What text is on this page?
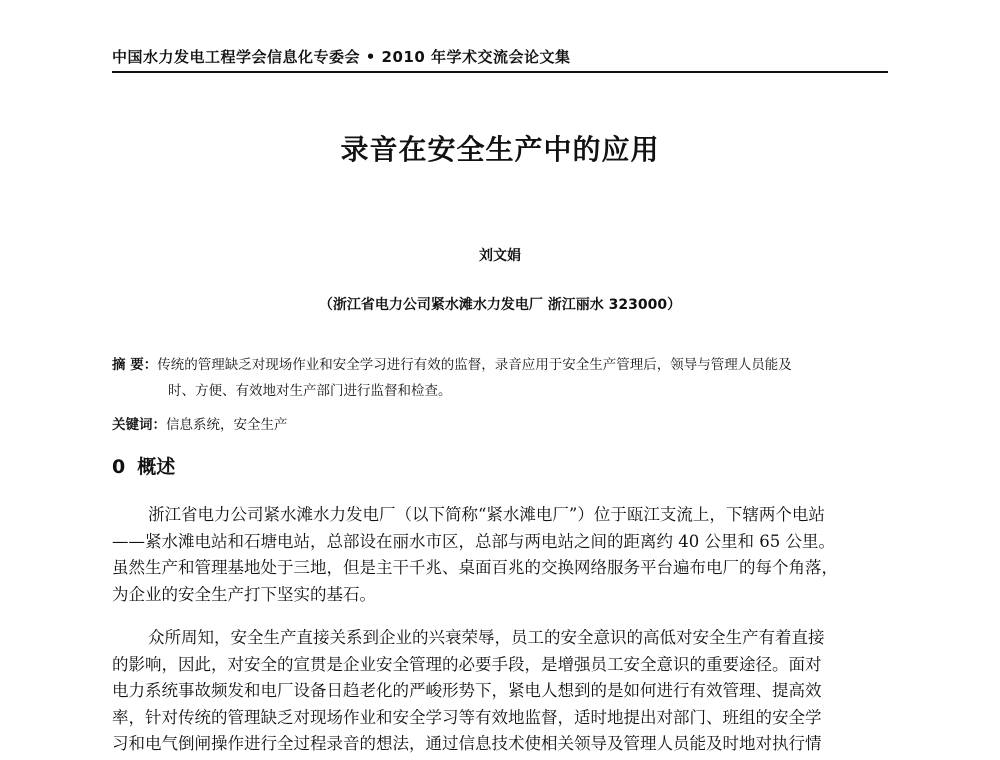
中国水力发电工程学会信息化专委会 • 2010 年学术交流会论文集
录音在安全生产中的应用
刘文娟
（浙江省电力公司紧水滩水力发电厂 浙江丽水 323000）
摘 要：传统的管理缺乏对现场作业和安全学习进行有效的监督，录音应用于安全生产管理后，领导与管理人员能及
时、方便、有效地对生产部门进行监督和检查。
关键词：信息系统，安全生产
0 概述
浙江省电力公司紧水滩水力发电厂（以下简称“紧水滩电厂”）位于瓯江支流上，下辖两个电站
——紧水滩电站和石塘电站，总部设在丽水市区，总部与两电站之间的距离约 40 公里和 65 公里。
虽然生产和管理基地处于三地，但是主干千兆、桌面百兆的交换网络服务平台遍布电厂的每个角落，
为企业的安全生产打下坚实的基石。
众所周知，安全生产直接关系到企业的兴衰荣辱，员工的安全意识的高低对安全生产有着直接
的影响，因此，对安全的宣贯是企业安全管理的必要手段，是增强员工安全意识的重要途径。面对
电力系统事故频发和电厂设备日趋老化的严峻形势下，紧电人想到的是如何进行有效管理、提高效
率，针对传统的管理缺乏对现场作业和安全学习等有效地监督，适时地提出对部门、班组的安全学
习和电气倒闸操作进行全过程录音的想法，通过信息技术使相关领导及管理人员能及时地对执行情
